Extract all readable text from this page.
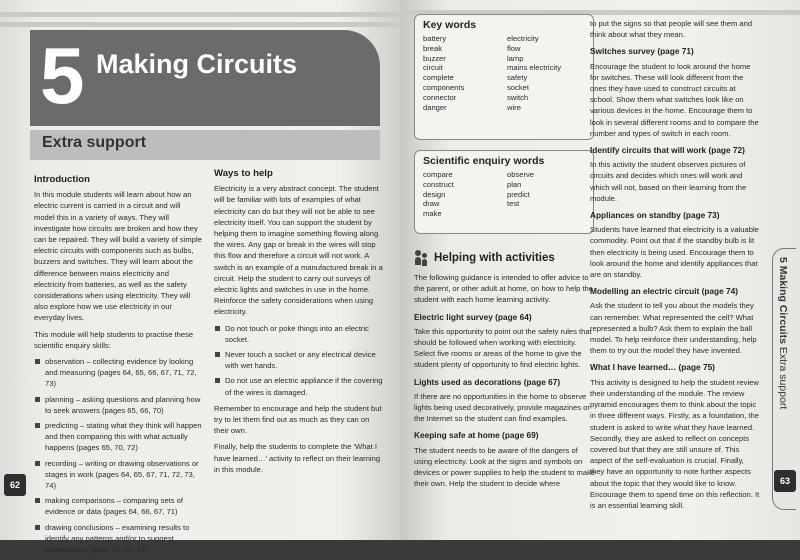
5 Making Circuits
Extra support
Introduction

In this module students will learn about how an electric current is carried in a circuit and will model this in a variety of ways. They will investigate how circuits are broken and how they can be repaired. They will build a variety of simple electric circuits with components such as bulbs, buzzers and switches. They will learn about the difference between mains electricity and electricity from batteries, as well as the safety considerations when using electricity. They will also explore how we use electricity in our everyday lives.

This module will help students to practise these scientific enquiry skills:

observation – collecting evidence by looking and measuring (pages 64, 65, 66, 67, 71, 72, 73)
planning – asking questions and planning how to seek answers (pages 65, 66, 70)
predicting – stating what they think will happen and then comparing this with what actually happens (pages 65, 70, 72)
recording – writing or drawing observations or stages in work (pages 64, 65, 67, 71, 72, 73, 74)
making comparisons – comparing sets of evidence or data (pages 64, 66, 67, 71)
drawing conclusions – examining results to identify any patterns and/or to suggest explanations (page 64, 65, 71)
Ways to help

Electricity is a very abstract concept. The student will be familiar with lots of examples of what electricity can do but they will not be able to see electricity itself. You can support the student by helping them to imagine something flowing along the wires. Any gap or break in the wires will stop this flow and therefore a circuit will not work. A switch is an example of a manufactured break in a circuit. Help the student to carry out surveys of electric lights and switches in use in the home. Reinforce the safety considerations when using electricity.

Do not touch or poke things into an electric socket.
Never touch a socket or any electrical device with wet hands.
Do not use an electric appliance if the covering of the wires is damaged.

Remember to encourage and help the student but try to let them find out as much as they can on their own.

Finally, help the students to complete the 'What I have learned…' activity to reflect on their learning in this module.

62
Key words
battery
break
buzzer
circuit
complete
components
connector
danger
electricity
flow
lamp
mains electricity
safety
socket
switch
wire
Scientific enquiry words
compare
construct
design
draw
make
observe
plan
predict
test
Helping with activities

The following guidance is intended to offer advice to the parent, or other adult at home, on how to help the student with each home learning activity.

Electric light survey (page 64)

Take this opportunity to point out the safety rules that should be followed when working with electricity. Select five rooms or areas of the home to give the student plenty of opportunity to find electric lights.

Lights used as decorations (page 67)

If there are no opportunities in the home to observe lights being used decoratively, provide magazines or the Internet so the student can find examples.

Keeping safe at home (page 69)

The student needs to be aware of the dangers of using electricity. Look at the signs and symbols on devices or power supplies to help the student to make their own. Help the student to decide where

to put the signs so that people will see them and think about what they mean.

Switches survey (page 71)

Encourage the student to look around the home for switches. These will look different from the ones they have used to construct circuits at school. Show them what switches look like on various devices in the home. Encourage them to look in several different rooms and to compare the number and types of switch in each room.

Identify circuits that will work (page 72)

In this activity the student observes pictures of circuits and decides which ones will work and which will not, based on their learning from the module.

Appliances on standby (page 73)

Students have learned that electricity is a valuable commodity. Point out that if the standby bulb is lit then electricity is being used. Encourage them to look around the home and identify appliances that are on standby.

Modelling an electric circuit (page 74)

Ask the student to tell you about the models they can remember. What represented the cell? What represented a bulb? Ask them to explain the ball model. To help reinforce their understanding, help them to try out the model they have invented.

What I have learned… (page 75)

This activity is designed to help the student review their understanding of the module. The review pyramid encourages them to think about the topic in three different ways. Firstly, as a foundation, the student is asked to write what they have learned. Secondly, they are asked to reflect on concepts covered but that they are still unsure of. This aspect of the self-evaluation is crucial. Finally, they have an opportunity to note further aspects about the topic that they would like to know. Encourage them to spend time on this reflection. It is an essential learning skill.

5 Making Circuits Extra support
63
